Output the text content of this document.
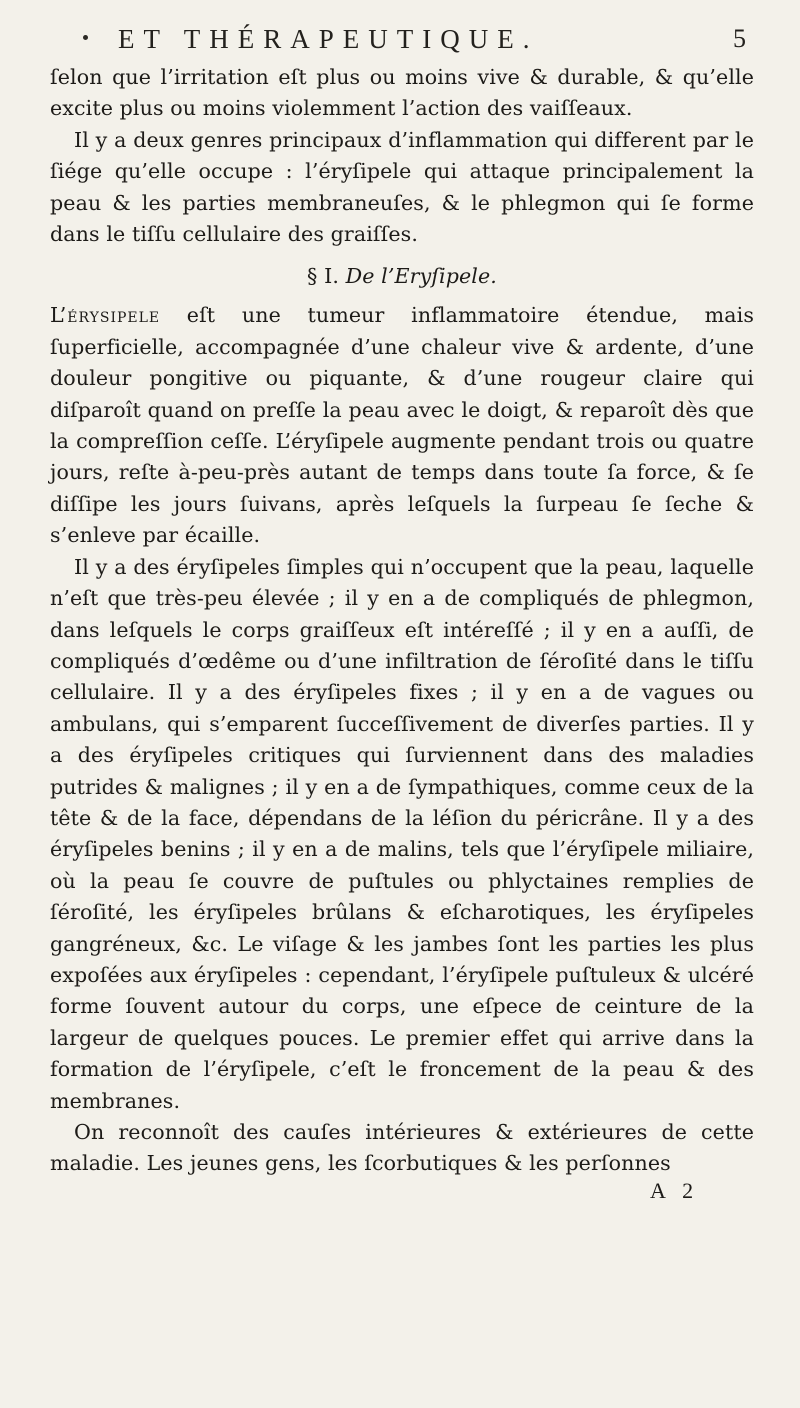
ET THÉRAPEUTIQUE.	5

ſelon que l’irritation eſt plus ou moins vive & durable, & qu’elle excite plus ou moins violemment l’action des vaiſſeaux.

Il y a deux genres principaux d’inflammation qui different par le ſiége qu’elle occupe : l’éryſipele qui attaque principalement la peau & les parties membraneuſes, & le phlegmon qui ſe forme dans le tiſſu cellulaire des graiſſes.

§ I. De l’Eryſipele.

L’érysipele eſt une tumeur inflammatoire étendue, mais ſuperficielle, accompagnée d’une chaleur vive & ardente, d’une douleur pongitive ou piquante, & d’une rougeur claire qui diſparoît quand on preſſe la peau avec le doigt, & reparoît dès que la compreſſion ceſſe. L’éryſipele augmente pendant trois ou quatre jours, reſte à-peu-près autant de temps dans toute ſa force, & ſe diſſipe les jours ſuivans, après leſquels la ſurpeau ſe ſeche & s’enleve par écaille.

Il y a des éryſipeles ſimples qui n’occupent que la peau, laquelle n’eſt que très-peu élevée ; il y en a de compliqués de phlegmon, dans leſquels le corps graiſſeux eſt intéreſſé ; il y en a auſſi, de compliqués d’œdême ou d’une infiltration de ſéroſité dans le tiſſu cellulaire. Il y a des éryſipeles fixes ; il y en a de vagues ou ambulans, qui s’emparent ſucceſſivement de diverſes parties. Il y a des éryſipeles critiques qui ſurviennent dans des maladies putrides & malignes ; il y en a de ſympathiques, comme ceux de la tête & de la face, dépendans de la léſion du péricrâne. Il y a des éryſipeles benins ; il y en a de malins, tels que l’éryſipele miliaire, où la peau ſe couvre de puſtules ou phlyctaines remplies de ſéroſité, les éryſipeles brûlans & eſcharotiques, les éryſipeles gangréneux, &c. Le viſage & les jambes ſont les parties les plus expoſées aux éryſipeles : cependant, l’éryſipele puſtuleux & ulcéré forme ſouvent autour du corps, une eſpece de ceinture de la largeur de quelques pouces. Le premier effet qui arrive dans la formation de l’éryſipele, c’eſt le froncement de la peau & des membranes.

On reconnoît des cauſes intérieures & extérieures de cette maladie. Les jeunes gens, les ſcorbutiques & les perſonnes

A 2
